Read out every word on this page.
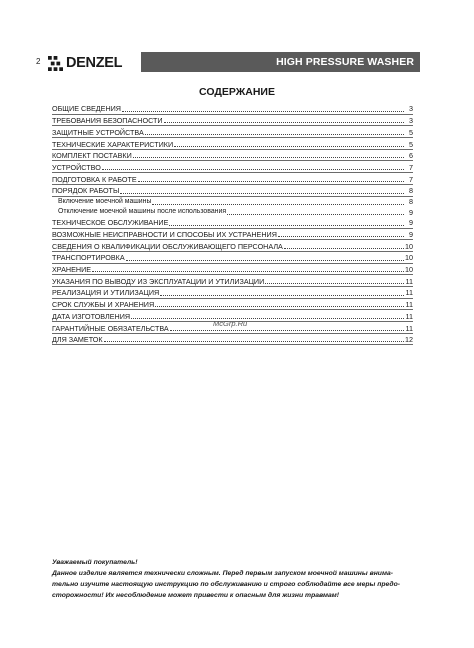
2 DENZEL	HIGH PRESSURE WASHER
СОДЕРЖАНИЕ
ОБЩИЕ СВЕДЕНИЯ	3
ТРЕБОВАНИЯ БЕЗОПАСНОСТИ	3
ЗАЩИТНЫЕ УСТРОЙСТВА	5
ТЕХНИЧЕСКИЕ ХАРАКТЕРИСТИКИ	5
КОМПЛЕКТ ПОСТАВКИ	6
УСТРОЙСТВО	7
ПОДГОТОВКА К РАБОТЕ	7
ПОРЯДОК РАБОТЫ	8
Включение моечной машины	8
Отключение моечной машины после использования	9
ТЕХНИЧЕСКОЕ ОБСЛУЖИВАНИЕ	9
ВОЗМОЖНЫЕ НЕИСПРАВНОСТИ И СПОСОБЫ ИХ УСТРАНЕНИЯ	9
СВЕДЕНИЯ О КВАЛИФИКАЦИИ ОБСЛУЖИВАЮЩЕГО ПЕРСОНАЛА	10
ТРАНСПОРТИРОВКА	10
ХРАНЕНИЕ	10
УКАЗАНИЯ ПО ВЫВОДУ ИЗ ЭКСПЛУАТАЦИИ И УТИЛИЗАЦИИ	11
РЕАЛИЗАЦИЯ И УТИЛИЗАЦИЯ	11
СРОК СЛУЖБЫ И ХРАНЕНИЯ	11
ДАТА ИЗГОТОВЛЕНИЯ	11
ГАРАНТИЙНЫЕ ОБЯЗАТЕЛЬСТВА	11
ДЛЯ ЗАМЕТОК	12
McGrp.Ru
Уважаемый покупатель!
Данное изделие является технически сложным. Перед первым запуском моечной машины внима-
тельно изучите настоящую инструкцию по обслуживанию и строго соблюдайте все меры предо-
сторожности! Их несоблюдение может привести к опасным для жизни травмам!
